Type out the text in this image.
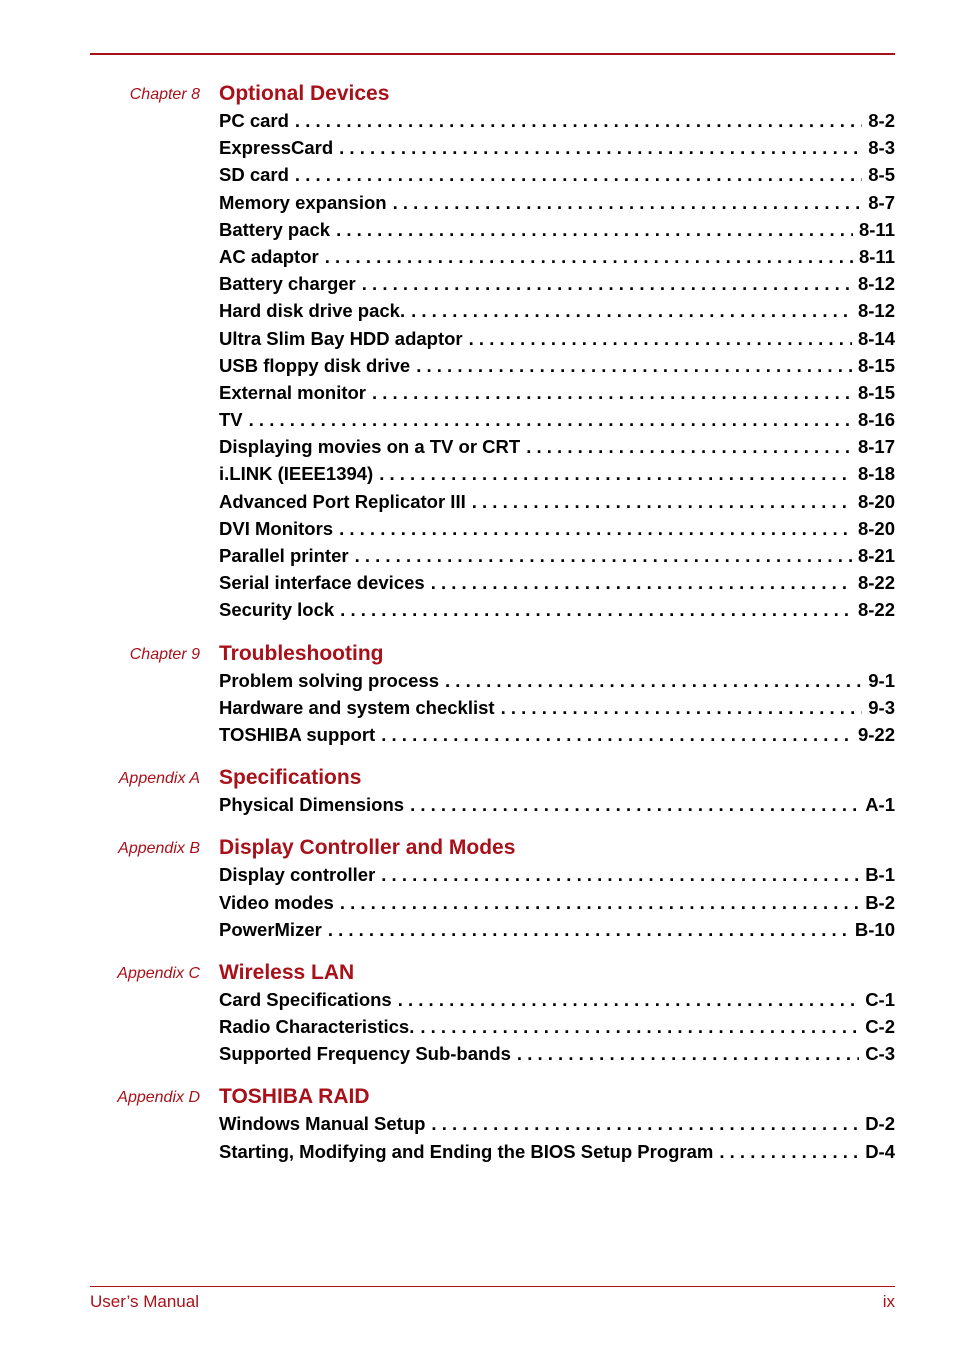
Chapter 8 Optional Devices
PC card . . .	8-2
ExpressCard . . .	8-3
SD card . . .	8-5
Memory expansion . . .	8-7
Battery pack . . .	8-11
AC adaptor . . .	8-11
Battery charger . . .	8-12
Hard disk drive pack. . . .	8-12
Ultra Slim Bay HDD adaptor . . .	8-14
USB floppy disk drive . . .	8-15
External monitor . . .	8-15
TV . . .	8-16
Displaying movies on a TV or CRT . . .	8-17
i.LINK (IEEE1394) . . .	8-18
Advanced Port Replicator III . . .	8-20
DVI Monitors . . .	8-20
Parallel printer . . .	8-21
Serial interface devices . . .	8-22
Security lock . . .	8-22
Chapter 9 Troubleshooting
Problem solving process . . .	9-1
Hardware and system checklist . . .	9-3
TOSHIBA support . . .	9-22
Appendix A Specifications
Physical Dimensions . . .	A-1
Appendix B Display Controller and Modes
Display controller . . .	B-1
Video modes . . .	B-2
PowerMizer . . .	B-10
Appendix C Wireless LAN
Card Specifications . . .	C-1
Radio Characteristics. . . .	C-2
Supported Frequency Sub-bands . . .	C-3
Appendix D TOSHIBA RAID
Windows Manual Setup . . .	D-2
Starting, Modifying and Ending the BIOS Setup Program . . .	D-4
User’s Manual	ix
